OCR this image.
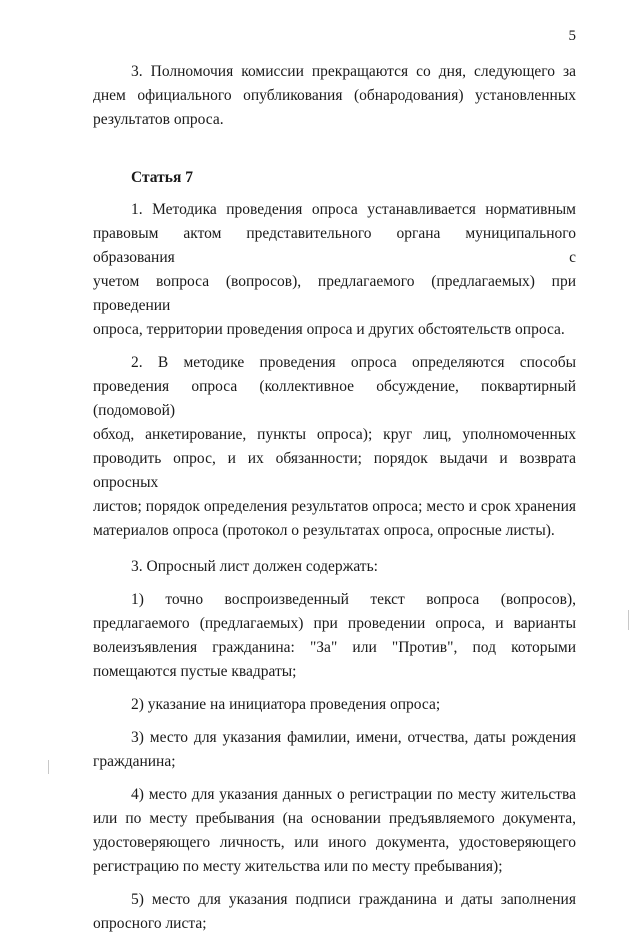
5
3. Полномочия комиссии прекращаются со дня, следующего за
днем официального опубликования (обнародования) установленных
результатов опроса.
Статья 7
1. Методика проведения опроса устанавливается нормативным
правовым актом представительного органа муниципального образования с
учетом вопроса (вопросов), предлагаемого (предлагаемых) при проведении
опроса, территории проведения опроса и других обстоятельств опроса.
2. В методике проведения опроса определяются способы
проведения опроса (коллективное обсуждение, поквартирный (подомовой)
обход, анкетирование, пункты опроса); круг лиц, уполномоченных
проводить опрос, и их обязанности; порядок выдачи и возврата опросных
листов; порядок определения результатов опроса; место и срок хранения
материалов опроса (протокол о результатах опроса, опросные листы).
3. Опросный лист должен содержать:
1) точно воспроизведенный текст вопроса (вопросов),
предлагаемого (предлагаемых) при проведении опроса, и варианты
волеизъявления гражданина: "За" или "Против", под которыми
помещаются пустые квадраты;
2) указание на инициатора проведения опроса;
3) место для указания фамилии, имени, отчества, даты рождения
гражданина;
4) место для указания данных о регистрации по месту жительства
или по месту пребывания (на основании предъявляемого документа,
удостоверяющего личность, или иного документа, удостоверяющего
регистрацию по месту жительства или по месту пребывания);
5) место для указания подписи гражданина и даты заполнения
опросного листа;
